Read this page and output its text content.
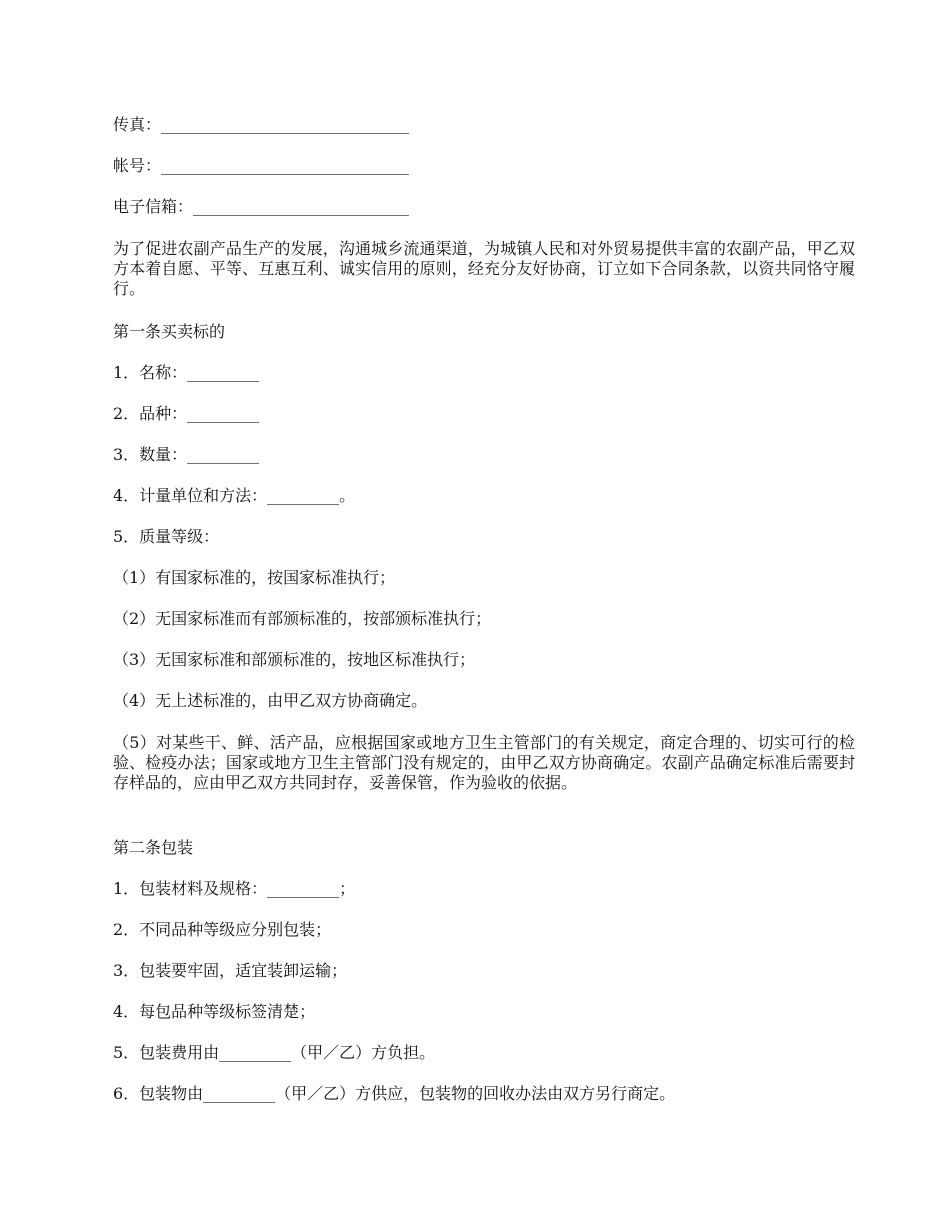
传真：_______________________________
帐号：_______________________________
电子信箱：___________________________
为了促进农副产品生产的发展，沟通城乡流通渠道，为城镇人民和对外贸易提供丰富的农副产品，甲乙双方本着自愿、平等、互惠互利、诚实信用的原则，经充分友好协商，订立如下合同条款，以资共同恪守履行。
第一条买卖标的
1．名称：_________
2．品种：_________
3．数量：_________
4．计量单位和方法：_________。
5．质量等级：
（1）有国家标准的，按国家标准执行；
（2）无国家标准而有部颁标准的，按部颁标准执行；
（3）无国家标准和部颁标准的，按地区标准执行；
（4）无上述标准的，由甲乙双方协商确定。
（5）对某些干、鲜、活产品，应根据国家或地方卫生主管部门的有关规定，商定合理的、切实可行的检验、检疫办法；国家或地方卫生主管部门没有规定的，由甲乙双方协商确定。农副产品确定标准后需要封存样品的，应由甲乙双方共同封存，妥善保管，作为验收的依据。
第二条包装
1．包装材料及规格：_________；
2．不同品种等级应分别包装；
3．包装要牢固，适宜装卸运输；
4．每包品种等级标签清楚；
5．包装费用由_________（甲／乙）方负担。
6．包装物由_________（甲／乙）方供应，包装物的回收办法由双方另行商定。
